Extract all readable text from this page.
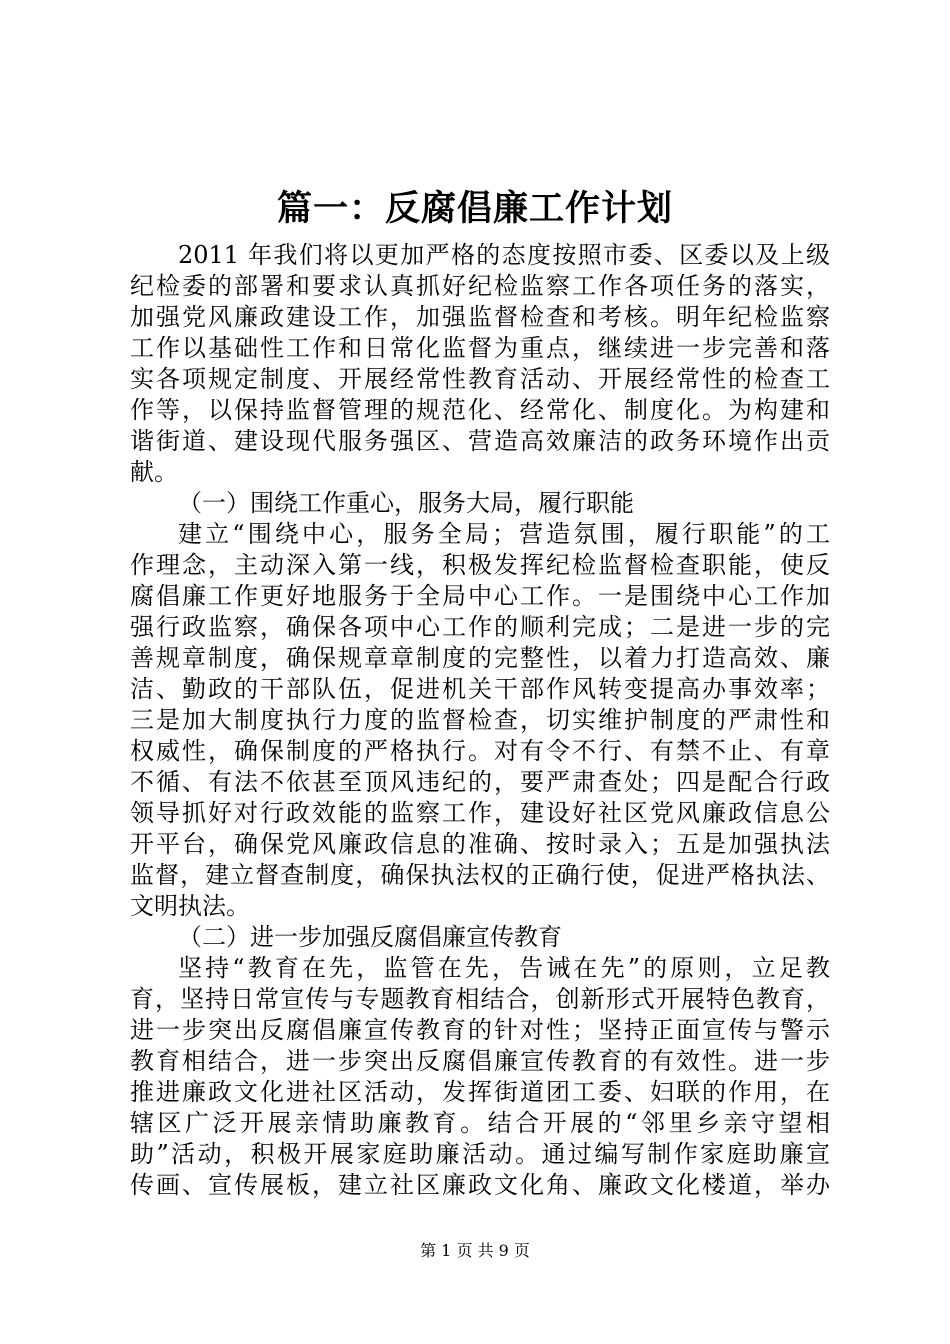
篇一：反腐倡廉工作计划
2011 年我们将以更加严格的态度按照市委、区委以及上级
纪检委的部署和要求认真抓好纪检监察工作各项任务的落实，
加强党风廉政建设工作，加强监督检查和考核。明年纪检监察
工作以基础性工作和日常化监督为重点，继续进一步完善和落
实各项规定制度、开展经常性教育活动、开展经常性的检查工
作等，以保持监督管理的规范化、经常化、制度化。为构建和
谐街道、建设现代服务强区、营造高效廉洁的政务环境作出贡
献。
（一）围绕工作重心，服务大局，履行职能
建立“围绕中心，服务全局；营造氛围，履行职能”的工
作理念，主动深入第一线，积极发挥纪检监督检查职能，使反
腐倡廉工作更好地服务于全局中心工作。一是围绕中心工作加
强行政监察，确保各项中心工作的顺利完成；二是进一步的完
善规章制度，确保规章章制度的完整性，以着力打造高效、廉
洁、勤政的干部队伍，促进机关干部作风转变提高办事效率；
三是加大制度执行力度的监督检查，切实维护制度的严肃性和
权威性，确保制度的严格执行。对有令不行、有禁不止、有章
不循、有法不依甚至顶风违纪的，要严肃查处；四是配合行政
领导抓好对行政效能的监察工作，建设好社区党风廉政信息公
开平台，确保党风廉政信息的准确、按时录入；五是加强执法
监督，建立督查制度，确保执法权的正确行使，促进严格执法、
文明执法。
（二）进一步加强反腐倡廉宣传教育
坚持“教育在先，监管在先，告诫在先”的原则，立足教
育，坚持日常宣传与专题教育相结合，创新形式开展特色教育，
进一步突出反腐倡廉宣传教育的针对性；坚持正面宣传与警示
教育相结合，进一步突出反腐倡廉宣传教育的有效性。进一步
推进廉政文化进社区活动，发挥街道团工委、妇联的作用，在
辖区广泛开展亲情助廉教育。结合开展的“邻里乡亲守望相
助”活动，积极开展家庭助廉活动。通过编写制作家庭助廉宣
传画、宣传展板，建立社区廉政文化角、廉政文化楼道，举办
第 1 页 共 9 页
